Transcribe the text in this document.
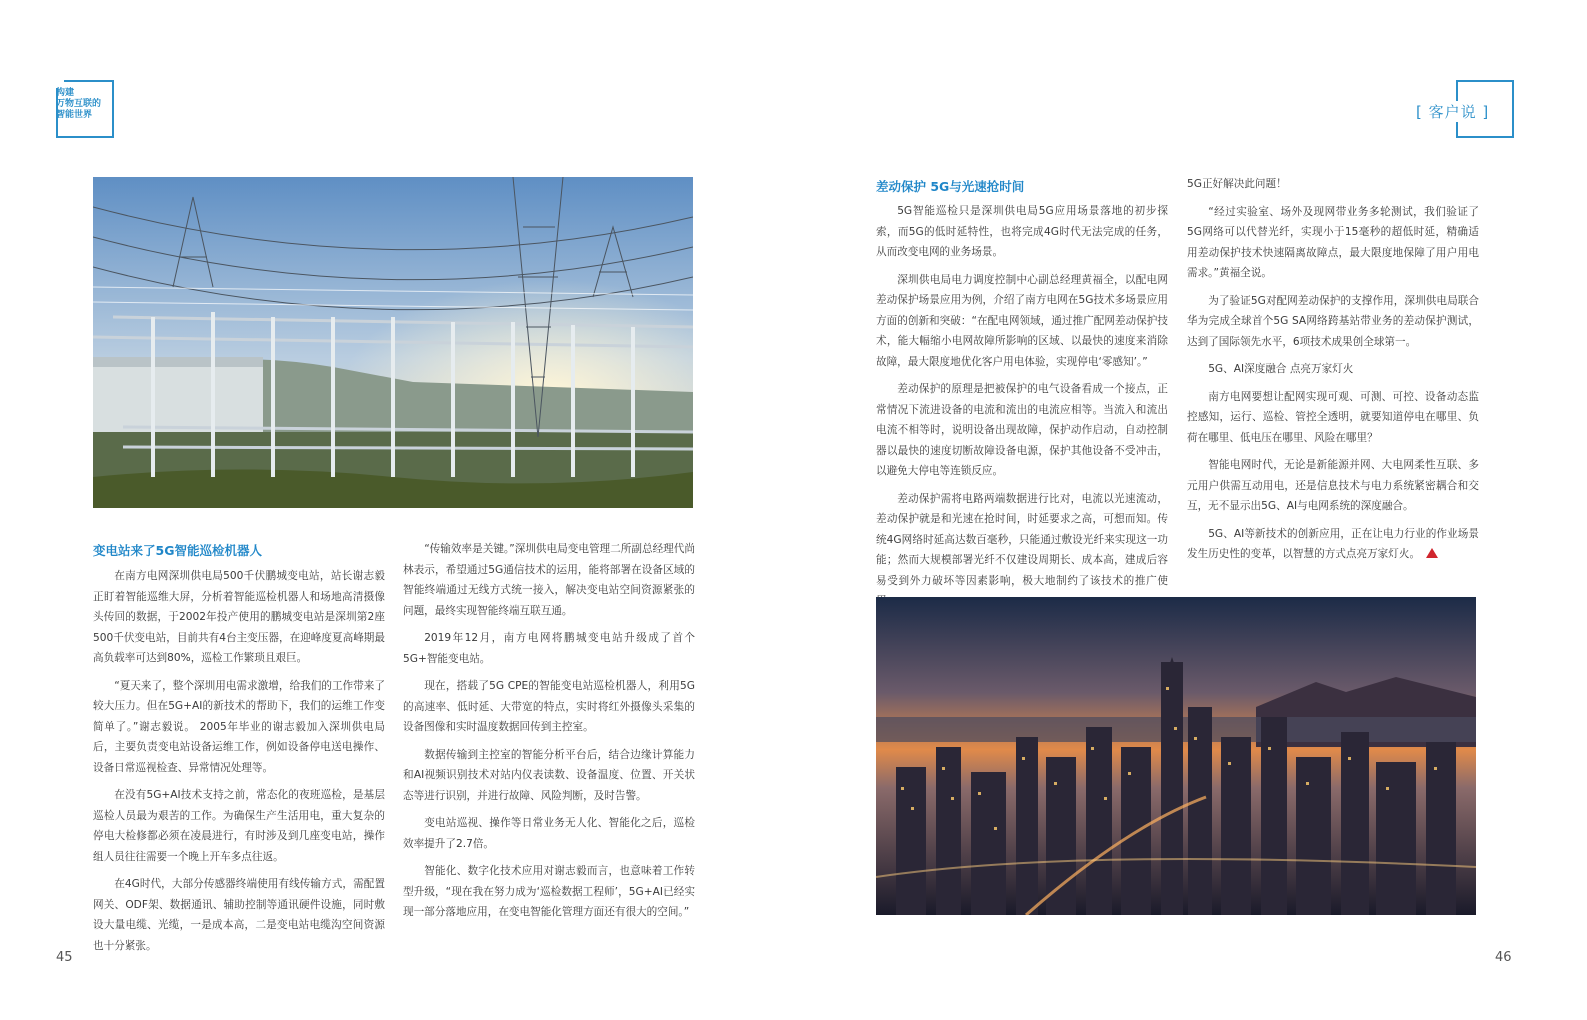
构建
万物互联的
智能世界	[ 客户说 ]
变电站来了5G智能巡检机器人

在南方电网深圳供电局500千伏鹏城变电站，站长谢志毅正盯着智能巡维大屏，分析着智能巡检机器人和场地高清摄像头传回的数据，于2002年投产使用的鹏城变电站是深圳第2座500千伏变电站，目前共有4台主变压器，在迎峰度夏高峰期最高负载率可达到80%，巡检工作繁琐且艰巨。

“夏天来了，整个深圳用电需求激增，给我们的工作带来了较大压力。但在5G+AI的新技术的帮助下，我们的运维工作变简单了。”谢志毅说。 2005年毕业的谢志毅加入深圳供电局后，主要负责变电站设备运维工作，例如设备停电送电操作、设备日常巡视检查、异常情况处理等。

在没有5G+AI技术支持之前，常态化的夜班巡检，是基层巡检人员最为艰苦的工作。为确保生产生活用电，重大复杂的停电大检修都必须在凌晨进行，有时涉及到几座变电站，操作组人员往往需要一个晚上开车多点往返。

在4G时代，大部分传感器终端使用有线传输方式，需配置网关、ODF架、数据通讯、辅助控制等通讯硬件设施，同时敷设大量电缆、光缆，一是成本高，二是变电站电缆沟空间资源也十分紧张。

“传输效率是关键。”深圳供电局变电管理二所副总经理代尚林表示，希望通过5G通信技术的运用，能将部署在设备区域的智能终端通过无线方式统一接入，解决变电站空间资源紧张的问题，最终实现智能终端互联互通。

2019年12月，南方电网将鹏城变电站升级成了首个5G+智能变电站。

现在，搭载了5G CPE的智能变电站巡检机器人，利用5G的高速率、低时延、大带宽的特点，实时将红外摄像头采集的设备图像和实时温度数据回传到主控室。

数据传输到主控室的智能分析平台后，结合边缘计算能力和AI视频识别技术对站内仪表读数、设备温度、位置、开关状态等进行识别，并进行故障、风险判断，及时告警。

变电站巡视、操作等日常业务无人化、智能化之后，巡检效率提升了2.7倍。

智能化、数字化技术应用对谢志毅而言，也意味着工作转型升级，“现在我在努力成为‘巡检数据工程师’，5G+AI已经实现一部分落地应用，在变电智能化管理方面还有很大的空间。”

45
差动保护 5G与光速抢时间

5G智能巡检只是深圳供电局5G应用场景落地的初步探索，而5G的低时延特性，也将完成4G时代无法完成的任务，从而改变电网的业务场景。

深圳供电局电力调度控制中心副总经理黄福全，以配电网差动保护场景应用为例，介绍了南方电网在5G技术多场景应用方面的创新和突破：“在配电网领域，通过推广配网差动保护技术，能大幅缩小电网故障所影响的区域、以最快的速度来消除故障，最大限度地优化客户用电体验，实现停电‘零感知’。”

差动保护的原理是把被保护的电气设备看成一个接点，正常情况下流进设备的电流和流出的电流应相等。当流入和流出电流不相等时，说明设备出现故障，保护动作启动，自动控制器以最快的速度切断故障设备电源，保护其他设备不受冲击，以避免大停电等连锁反应。

差动保护需将电路两端数据进行比对，电流以光速流动，差动保护就是和光速在抢时间，时延要求之高，可想而知。传统4G网络时延高达数百毫秒，只能通过敷设光纤来实现这一功能；然而大规模部署光纤不仅建设周期长、成本高，建成后容易受到外力破坏等因素影响，极大地制约了该技术的推广使

5G正好解决此问题！

“经过实验室、场外及现网带业务多轮测试，我们验证了5G网络可以代替光纤，实现小于15毫秒的超低时延，精确适用差动保护技术快速隔离故障点，最大限度地保障了用户用电需求。”黄福全说。

为了验证5G对配网差动保护的支撑作用，深圳供电局联合华为完成全球首个5G SA网络跨基站带业务的差动保护测试，达到了国际领先水平，6项技术成果创全球第一。

5G、AI深度融合 点亮万家灯火

南方电网要想让配网实现可观、可测、可控、设备动态监控感知，运行、巡检、管控全透明，就要知道停电在哪里、负荷在哪里、低电压在哪里、风险在哪里？

智能电网时代，无论是新能源并网、大电网柔性互联、多元用户供需互动用电，还是信息技术与电力系统紧密耦合和交互，无不显示出5G、AI与电网系统的深度融合。

5G、AI等新技术的创新应用，正在让电力行业的作业场景发生历史性的变革，以智慧的方式点亮万家灯火。

46
